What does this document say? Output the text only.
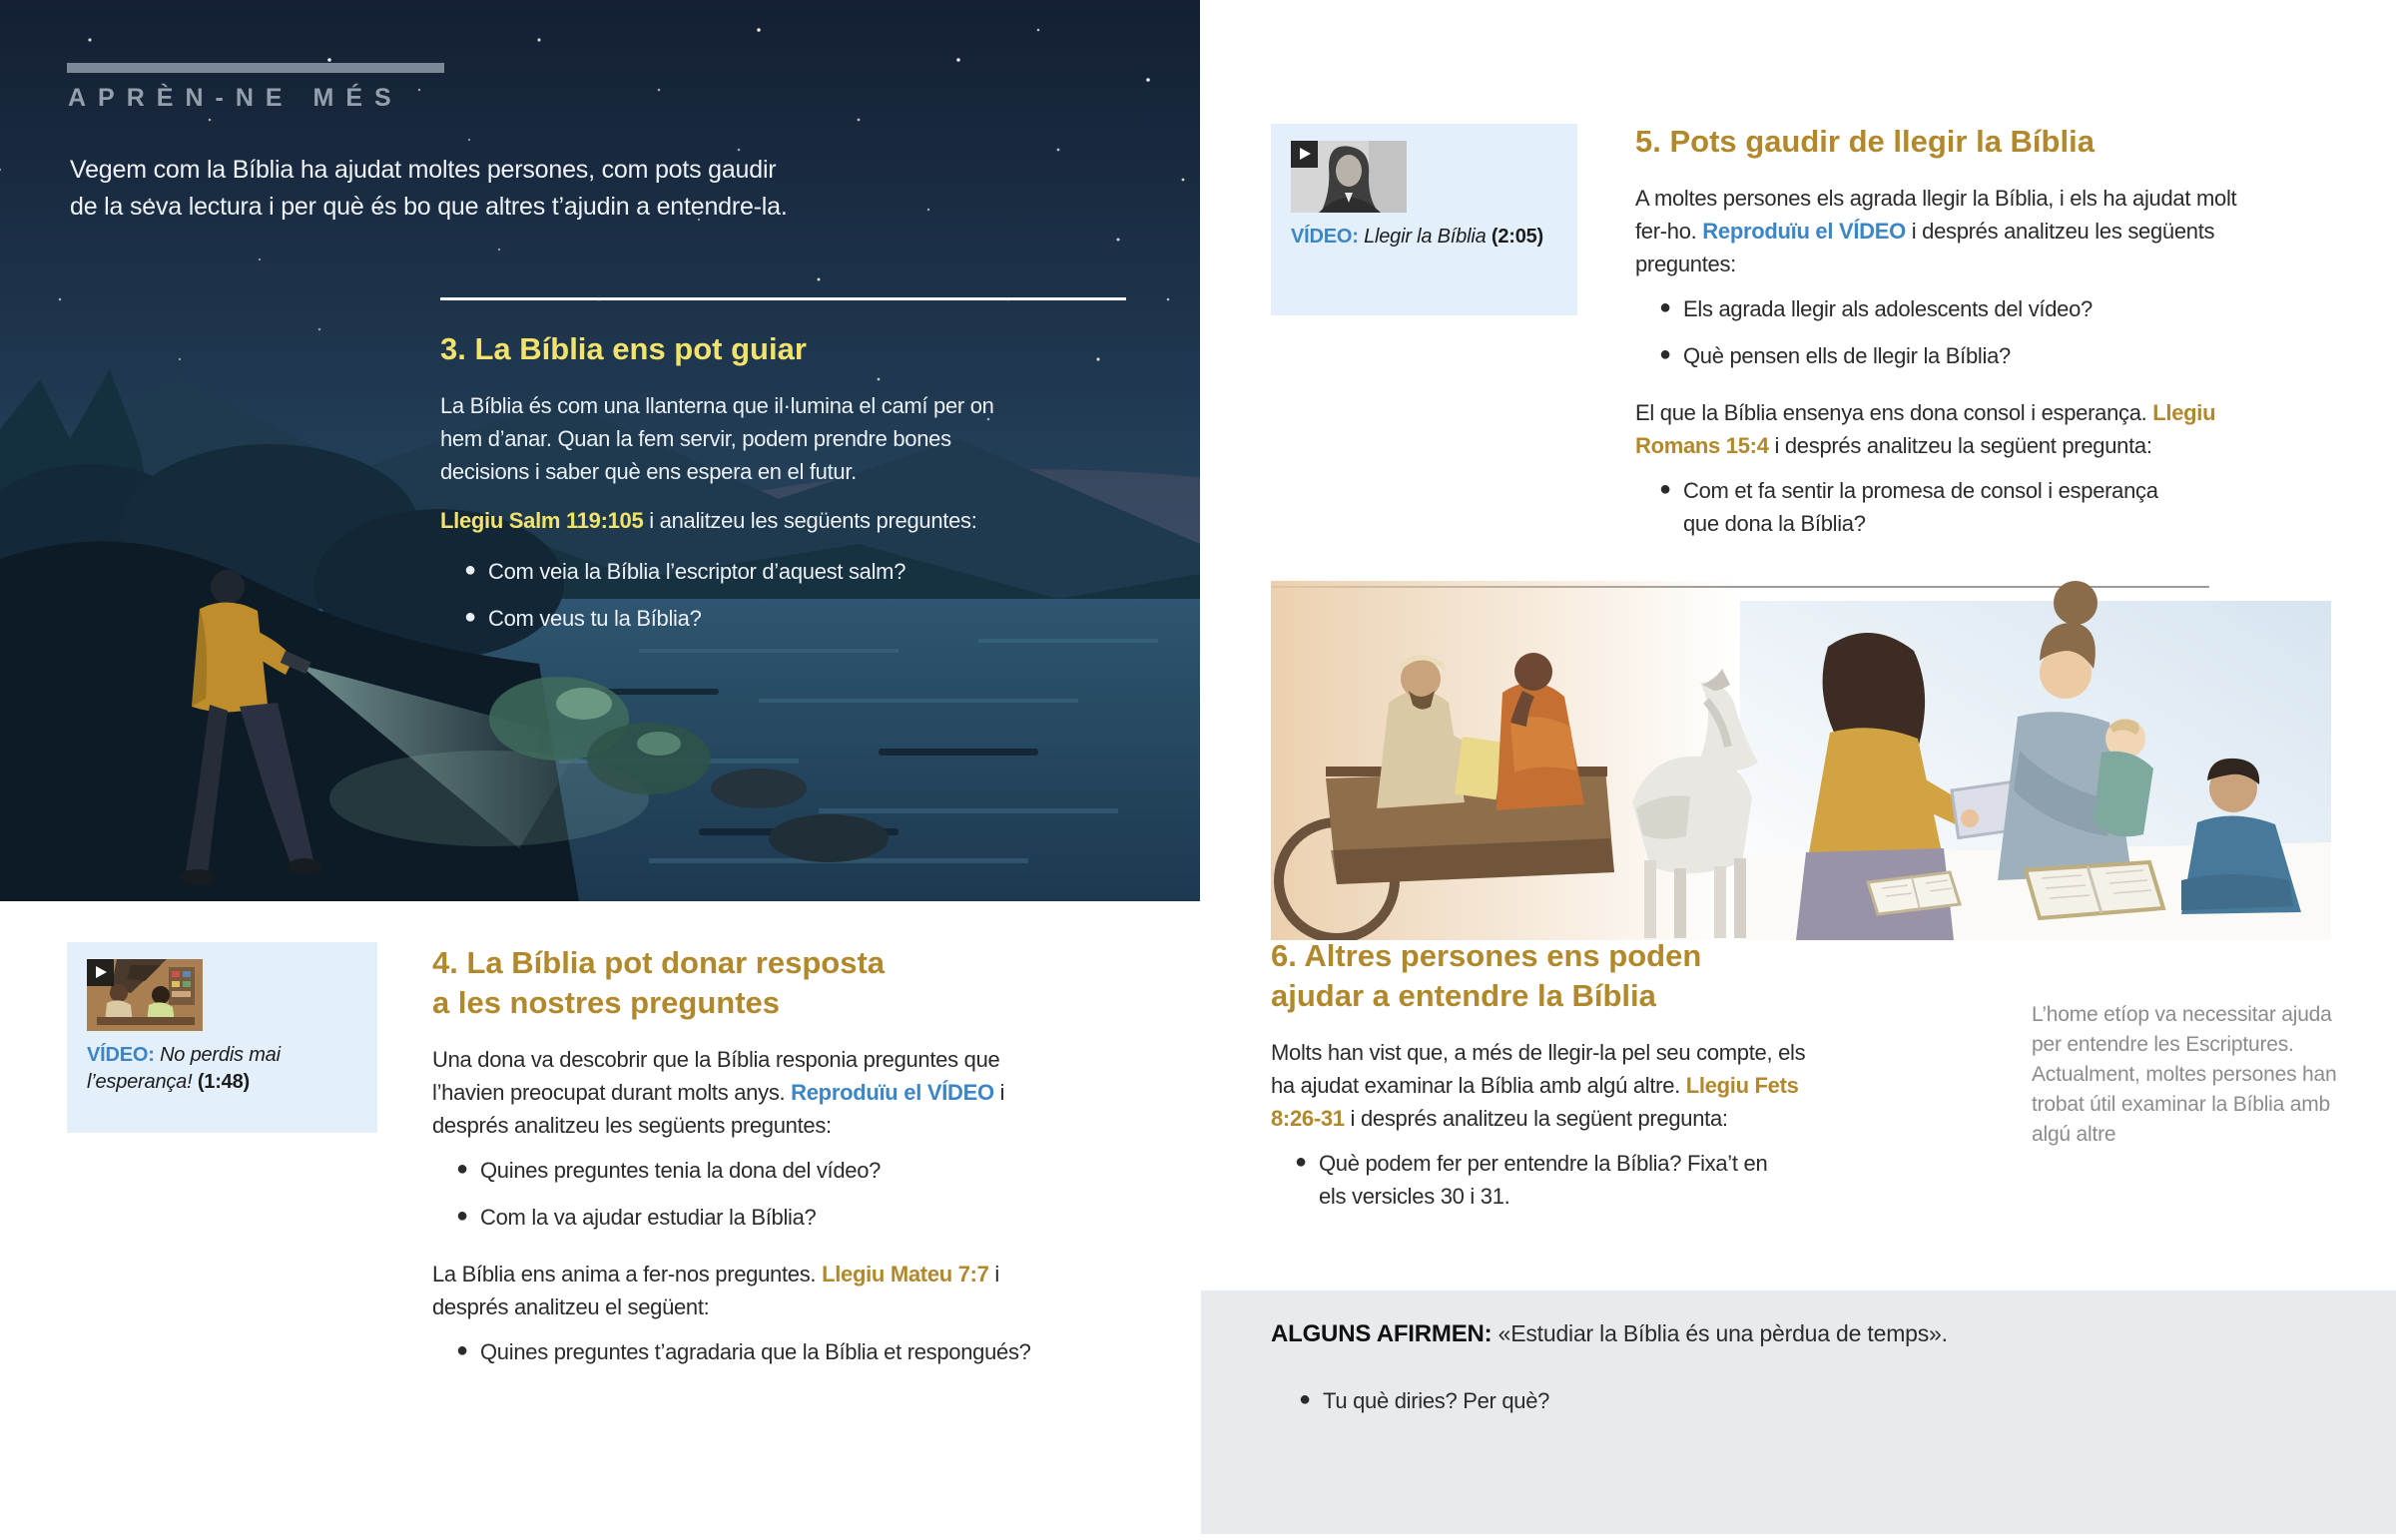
APRÈN-NE MÉS
Vegem com la Bíblia ha ajudat moltes persones, com pots gaudir
de la seva lectura i per què és bo que altres t’ajudin a entendre-la.
3. La Bíblia ens pot guiar
La Bíblia és com una llanterna que il·lumina el camí per on hem d’anar. Quan la fem servir, podem prendre bones decisions i saber què ens espera en el futur.
Llegiu Salm 119:105 i analitzeu les següents preguntes:
● Com veia la Bíblia l’escriptor d’aquest salm?
● Com veus tu la Bíblia?
VÍDEO: Llegir la Bíblia (2:05)
5. Pots gaudir de llegir la Bíblia
A moltes persones els agrada llegir la Bíblia, i els ha ajudat molt fer-ho. Reproduïu el VÍDEO i després analitzeu les següents preguntes:
● Els agrada llegir als adolescents del vídeo?
● Què pensen ells de llegir la Bíblia?
El que la Bíblia ensenya ens dona consol i esperança. Llegiu Romans 15:4 i després analitzeu la següent pregunta:
● Com et fa sentir la promesa de consol i esperança que dona la Bíblia?
6. Altres persones ens poden
ajudar a entendre la Bíblia
Molts han vist que, a més de llegir-la pel seu compte, els ha ajudat examinar la Bíblia amb algú altre. Llegiu Fets 8:26-31 i després analitzeu la següent pregunta:
● Què podem fer per entendre la Bíblia? Fixa’t en els versicles 30 i 31.
L’home etíop va necessitar ajuda per entendre les Escriptures. Actualment, moltes persones han trobat útil examinar la Bíblia amb algú altre
VÍDEO: No perdis mai l’esperança! (1:48)
4. La Bíblia pot donar resposta
a les nostres preguntes
Una dona va descobrir que la Bíblia responia preguntes que l’havien preocupat durant molts anys. Reproduïu el VÍDEO i després analitzeu les següents preguntes:
● Quines preguntes tenia la dona del vídeo?
● Com la va ajudar estudiar la Bíblia?
La Bíblia ens anima a fer-nos preguntes. Llegiu Mateu 7:7 i després analitzeu el següent:
● Quines preguntes t’agradaria que la Bíblia et respongués?
ALGUNS AFIRMEN: «Estudiar la Bíblia és una pèrdua de temps».
● Tu què diries? Per què?
